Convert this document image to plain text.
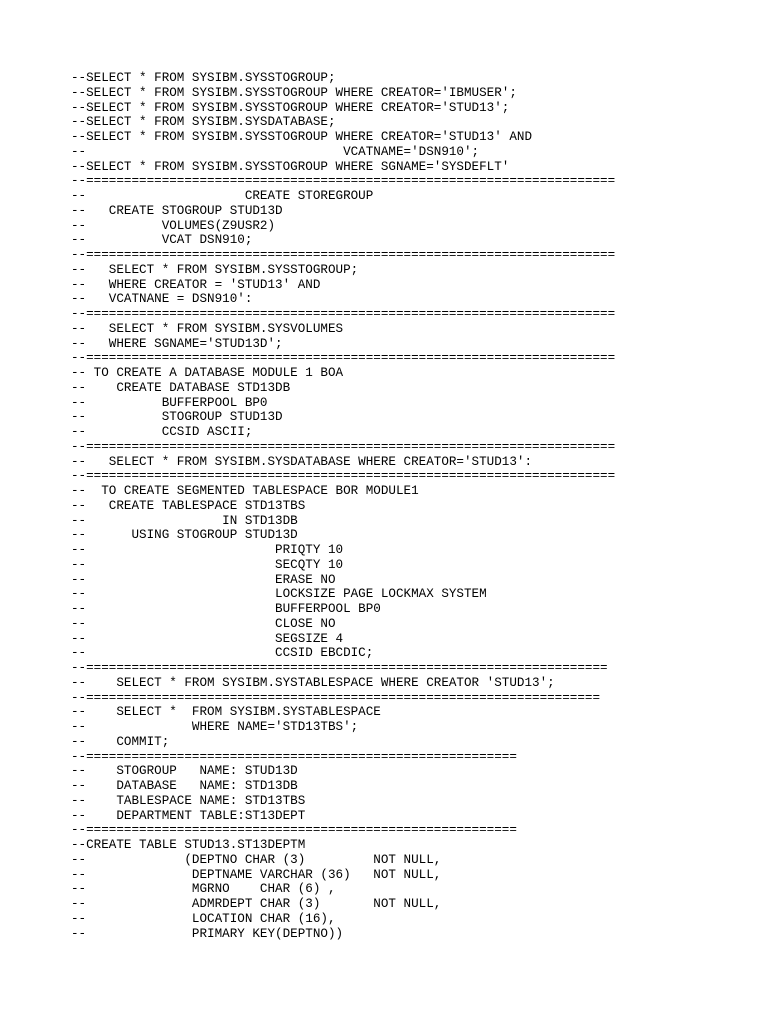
--SELECT * FROM SYSIBM.SYSSTOGROUP;
--SELECT * FROM SYSIBM.SYSSTOGROUP WHERE CREATOR='IBMUSER';
--SELECT * FROM SYSIBM.SYSSTOGROUP WHERE CREATOR='STUD13';
--SELECT * FROM SYSIBM.SYSDATABASE;
--SELECT * FROM SYSIBM.SYSSTOGROUP WHERE CREATOR='STUD13' AND
--                                  VCATNAME='DSN910';
--SELECT * FROM SYSIBM.SYSSTOGROUP WHERE SGNAME='SYSDEFLT'
--======================================================================
--                     CREATE STOREGROUP
--   CREATE STOGROUP STUD13D
--          VOLUMES(Z9USR2)
--          VCAT DSN910;
--======================================================================
--   SELECT * FROM SYSIBM.SYSSTOGROUP;
--   WHERE CREATOR = 'STUD13' AND
--   VCATNANE = DSN910':
--======================================================================
--   SELECT * FROM SYSIBM.SYSVOLUMES
--   WHERE SGNAME='STUD13D';
--======================================================================
-- TO CREATE A DATABASE MODULE 1 BOA
--    CREATE DATABASE STD13DB
--          BUFFERPOOL BP0
--          STOGROUP STUD13D
--          CCSID ASCII;
--======================================================================
--   SELECT * FROM SYSIBM.SYSDATABASE WHERE CREATOR='STUD13':
--======================================================================
--  TO CREATE SEGMENTED TABLESPACE BOR MODULE1
--   CREATE TABLESPACE STD13TBS
--                  IN STD13DB
--      USING STOGROUP STUD13D
--                         PRIQTY 10
--                         SECQTY 10
--                         ERASE NO
--                         LOCKSIZE PAGE LOCKMAX SYSTEM
--                         BUFFERPOOL BP0
--                         CLOSE NO
--                         SEGSIZE 4
--                         CCSID EBCDIC;
--=====================================================================
--    SELECT * FROM SYSIBM.SYSTABLESPACE WHERE CREATOR 'STUD13';
--====================================================================
--    SELECT *  FROM SYSIBM.SYSTABLESPACE
--              WHERE NAME='STD13TBS';
--    COMMIT;
--=========================================================
--    STOGROUP   NAME: STUD13D
--    DATABASE   NAME: STD13DB
--    TABLESPACE NAME: STD13TBS
--    DEPARTMENT TABLE:ST13DEPT
--=========================================================
--CREATE TABLE STUD13.ST13DEPTM
--             (DEPTNO CHAR (3)         NOT NULL,
--              DEPTNAME VARCHAR (36)   NOT NULL,
--              MGRNO    CHAR (6) ,
--              ADMRDEPT CHAR (3)       NOT NULL,
--              LOCATION CHAR (16),
--              PRIMARY KEY(DEPTNO))
